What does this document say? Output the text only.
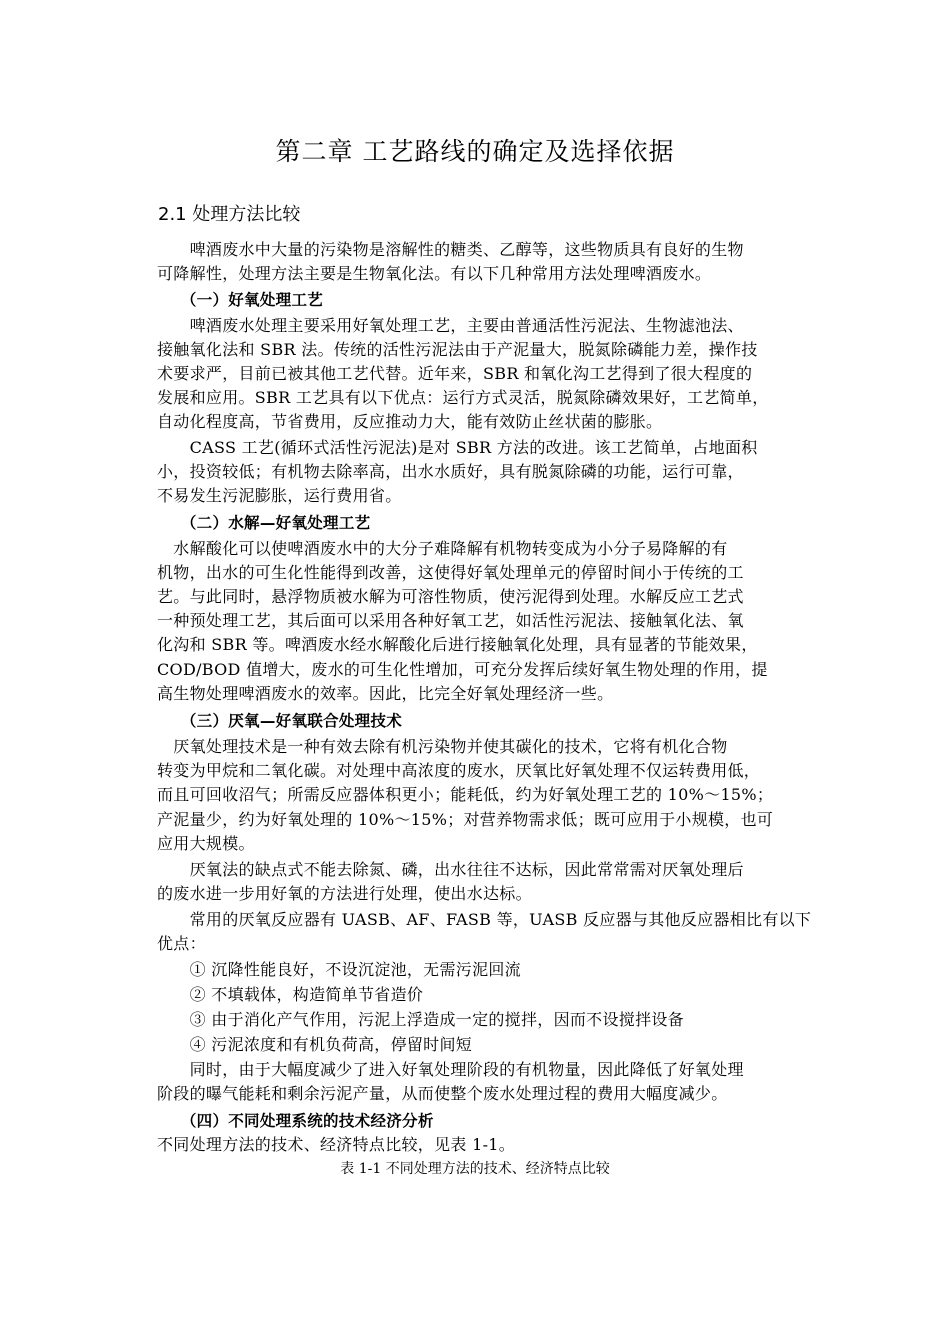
第二章 工艺路线的确定及选择依据
2.1 处理方法比较
　　啤酒废水中大量的污染物是溶解性的糖类、乙醇等，这些物质具有良好的生物
可降解性，处理方法主要是生物氧化法。有以下几种常用方法处理啤酒废水。
　　（一）好氧处理工艺
　　啤酒废水处理主要采用好氧处理工艺，主要由普通活性污泥法、生物滤池法、
接触氧化法和 SBR 法。传统的活性污泥法由于产泥量大，脱氮除磷能力差，操作技
术要求严，目前已被其他工艺代替。近年来，SBR 和氧化沟工艺得到了很大程度的
发展和应用。SBR 工艺具有以下优点：运行方式灵活，脱氮除磷效果好，工艺简单，
自动化程度高，节省费用，反应推动力大，能有效防止丝状菌的膨胀。
　　CASS 工艺(循环式活性污泥法)是对 SBR 方法的改进。该工艺简单，占地面积
小，投资较低；有机物去除率高，出水水质好，具有脱氮除磷的功能，运行可靠，
不易发生污泥膨胀，运行费用省。
　　（二）水解—好氧处理工艺
　水解酸化可以使啤酒废水中的大分子难降解有机物转变成为小分子易降解的有
机物，出水的可生化性能得到改善，这使得好氧处理单元的停留时间小于传统的工
艺。与此同时，悬浮物质被水解为可溶性物质，使污泥得到处理。水解反应工艺式
一种预处理工艺，其后面可以采用各种好氧工艺，如活性污泥法、接触氧化法、氧
化沟和 SBR 等。啤酒废水经水解酸化后进行接触氧化处理，具有显著的节能效果，
COD/BOD 值增大，废水的可生化性增加，可充分发挥后续好氧生物处理的作用，提
高生物处理啤酒废水的效率。因此，比完全好氧处理经济一些。
　　（三）厌氧—好氧联合处理技术
　厌氧处理技术是一种有效去除有机污染物并使其碳化的技术，它将有机化合物
转变为甲烷和二氧化碳。对处理中高浓度的废水，厌氧比好氧处理不仅运转费用低，
而且可回收沼气；所需反应器体积更小；能耗低，约为好氧处理工艺的 10%～15%；
产泥量少，约为好氧处理的 10%～15%；对营养物需求低；既可应用于小规模，也可
应用大规模。
　　厌氧法的缺点式不能去除氮、磷，出水往往不达标，因此常常需对厌氧处理后
的废水进一步用好氧的方法进行处理，使出水达标。
　　常用的厌氧反应器有 UASB、AF、FASB 等，UASB 反应器与其他反应器相比有以下
优点：
　　① 沉降性能良好，不设沉淀池，无需污泥回流
　　② 不填载体，构造简单节省造价
　　③ 由于消化产气作用，污泥上浮造成一定的搅拌，因而不设搅拌设备
　　④ 污泥浓度和有机负荷高，停留时间短
　　同时，由于大幅度减少了进入好氧处理阶段的有机物量，因此降低了好氧处理
阶段的曝气能耗和剩余污泥产量，从而使整个废水处理过程的费用大幅度减少。
　　（四）不同处理系统的技术经济分析
不同处理方法的技术、经济特点比较，见表 1-1。
表 1-1 不同处理方法的技术、经济特点比较
